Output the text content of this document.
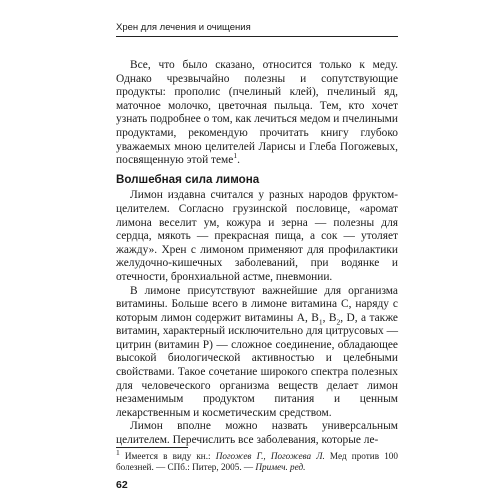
Хрен для лечения и очищения

Все, что было сказано, относится только к меду. Однако чрезвычайно полезны и сопутствующие продукты: прополис (пчелиный клей), пчелиный яд, маточное молочко, цветочная пыльца. Тем, кто хочет узнать подробнее о том, как лечиться медом и пчелиными продуктами, рекомендую прочитать книгу глубоко уважаемых мною целителей Ларисы и Глеба Погожевых, посвященную этой теме$^1$.

Волшебная сила лимона

Лимон издавна считался у разных народов фруктом-целителем. Согласно грузинской пословице, «аромат лимона веселит ум, кожура и зерна — полезны для сердца, мякоть — прекрасная пища, а сок — утоляет жажду». Хрен с лимоном применяют для профилактики желудочно-кишечных заболеваний, при водянке и отечности, бронхиальной астме, пневмонии.

В лимоне присутствуют важнейшие для организма витамины. Больше всего в лимоне витамина С, наряду с которым лимон содержит витамины А, $В_1$, $В_2$, D, а также витамин, характерный исключительно для цитрусовых — цитрин (витамин Р) — сложное соединение, обладающее высокой биологической активностью и целебными свойствами. Такое сочетание широкого спектра полезных для человеческого организма веществ делает лимон незаменимым продуктом питания и ценным лекарственным и косметическим средством.

Лимон вполне можно назвать универсальным целителем. Перечислить все заболевания, которые ле-

$^1$ Имеется в виду кн.: Погожев Г., Погожева Л. Мед против 100 болезней. — СПб.: Питер, 2005. — Примеч. ред.
62
